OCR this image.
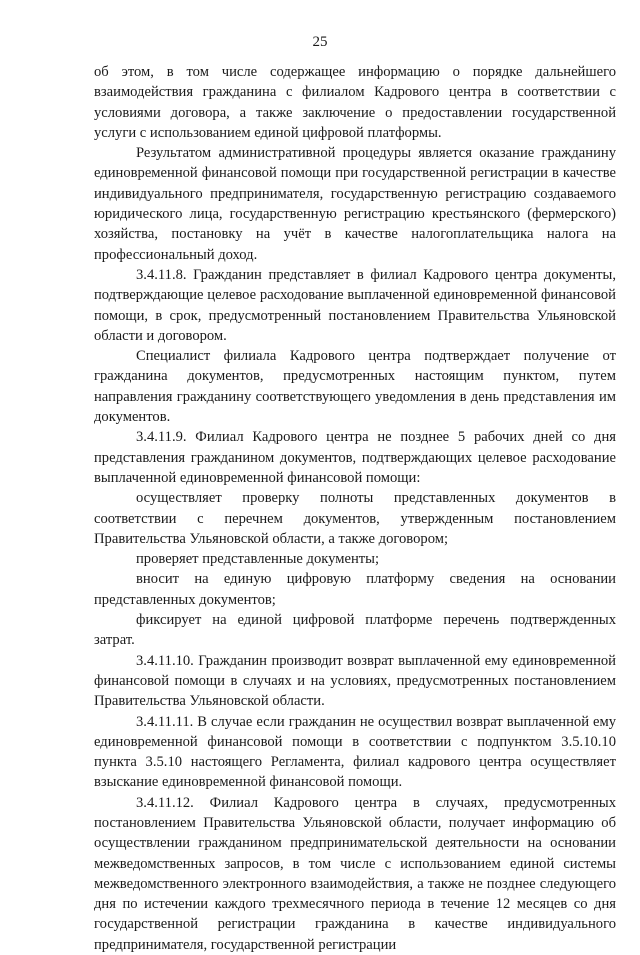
25

об этом, в том числе содержащее информацию о порядке дальнейшего взаимодействия гражданина с филиалом Кадрового центра в соответствии с условиями договора, а также заключение о предоставлении государственной услуги с использованием единой цифровой платформы.

Результатом административной процедуры является оказание гражданину единовременной финансовой помощи при государственной регистрации в качестве индивидуального предпринимателя, государственную регистрацию создаваемого юридического лица, государственную регистрацию крестьянского (фермерского) хозяйства, постановку на учёт в качестве налогоплательщика налога на профессиональный доход.

3.4.11.8. Гражданин представляет в филиал Кадрового центра документы, подтверждающие целевое расходование выплаченной единовременной финансовой помощи, в срок, предусмотренный постановлением Правительства Ульяновской области и договором.

Специалист филиала Кадрового центра подтверждает получение от гражданина документов, предусмотренных настоящим пунктом, путем направления гражданину соответствующего уведомления в день представления им документов.

3.4.11.9. Филиал Кадрового центра не позднее 5 рабочих дней со дня представления гражданином документов, подтверждающих целевое расходование выплаченной единовременной финансовой помощи:

осуществляет проверку полноты представленных документов в соответствии с перечнем документов, утвержденным постановлением Правительства Ульяновской области, а также договором;

проверяет представленные документы;

вносит на единую цифровую платформу сведения на основании представленных документов;

фиксирует на единой цифровой платформе перечень подтвержденных затрат.

3.4.11.10. Гражданин производит возврат выплаченной ему единовременной финансовой помощи в случаях и на условиях, предусмотренных постановлением Правительства Ульяновской области.

3.4.11.11. В случае если гражданин не осуществил возврат выплаченной ему единовременной финансовой помощи в соответствии с подпунктом 3.5.10.10 пункта 3.5.10 настоящего Регламента, филиал кадрового центра осуществляет взыскание единовременной финансовой помощи.

3.4.11.12. Филиал Кадрового центра в случаях, предусмотренных постановлением Правительства Ульяновской области, получает информацию об осуществлении гражданином предпринимательской деятельности на основании межведомственных запросов, в том числе с использованием единой системы межведомственного электронного взаимодействия, а также не позднее следующего дня по истечении каждого трехмесячного периода в течение 12 месяцев со дня государственной регистрации гражданина в качестве индивидуального предпринимателя, государственной регистрации
